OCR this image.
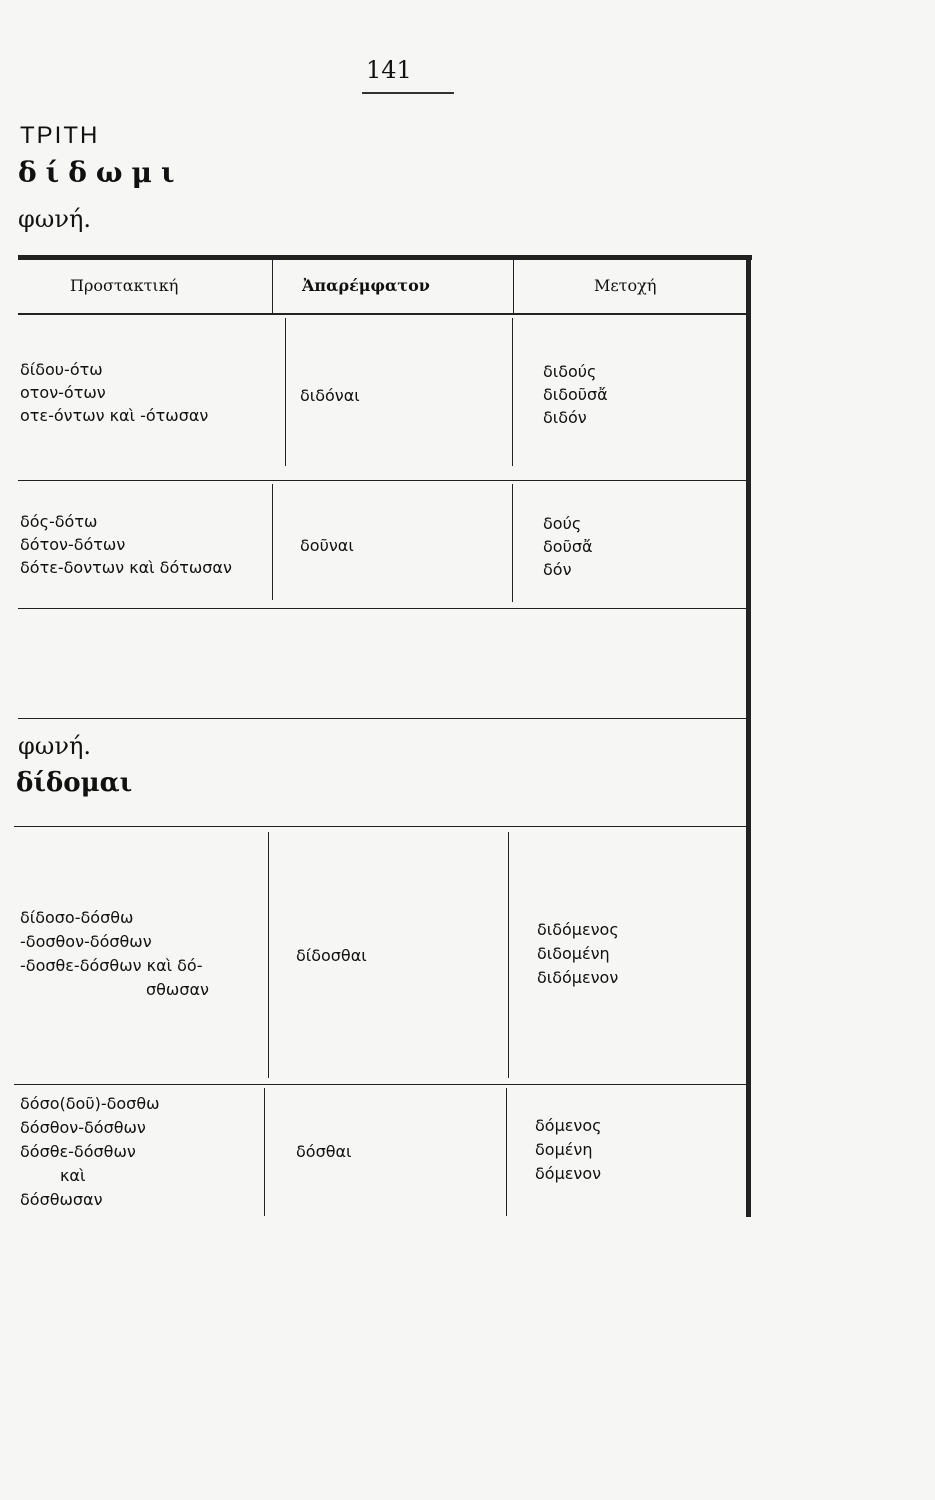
141
ΤΡΙΤΗ
δίδωμι
φωνή.
Προστακτική	Ἀπαρέμφατον	Μετοχή
δίδου-ότω
οτον-ότων
οτε-όντων καὶ -ότωσαν
διδόναι
διδούς
διδοῦσἄ
διδόν
δός-δότω
δότον-δότων
δότε-δοντων καὶ δότωσαν
δοῦναι
δούς
δοῦσἄ
δόν
φωνή.
δίδομαι
δίδοσο-δόσθω
-δοσθον-δόσθων
-δοσθε-δόσθων καὶ δό-
σθωσαν
δίδοσθαι
διδόμενος
διδομένη
διδόμενον
δόσο(δοῦ)-δοσθω
δόσθον-δόσθων
δόσθε-δόσθων
καὶ
δόσθωσαν
δόσθαι
δόμενος
δομένη
δόμενον
